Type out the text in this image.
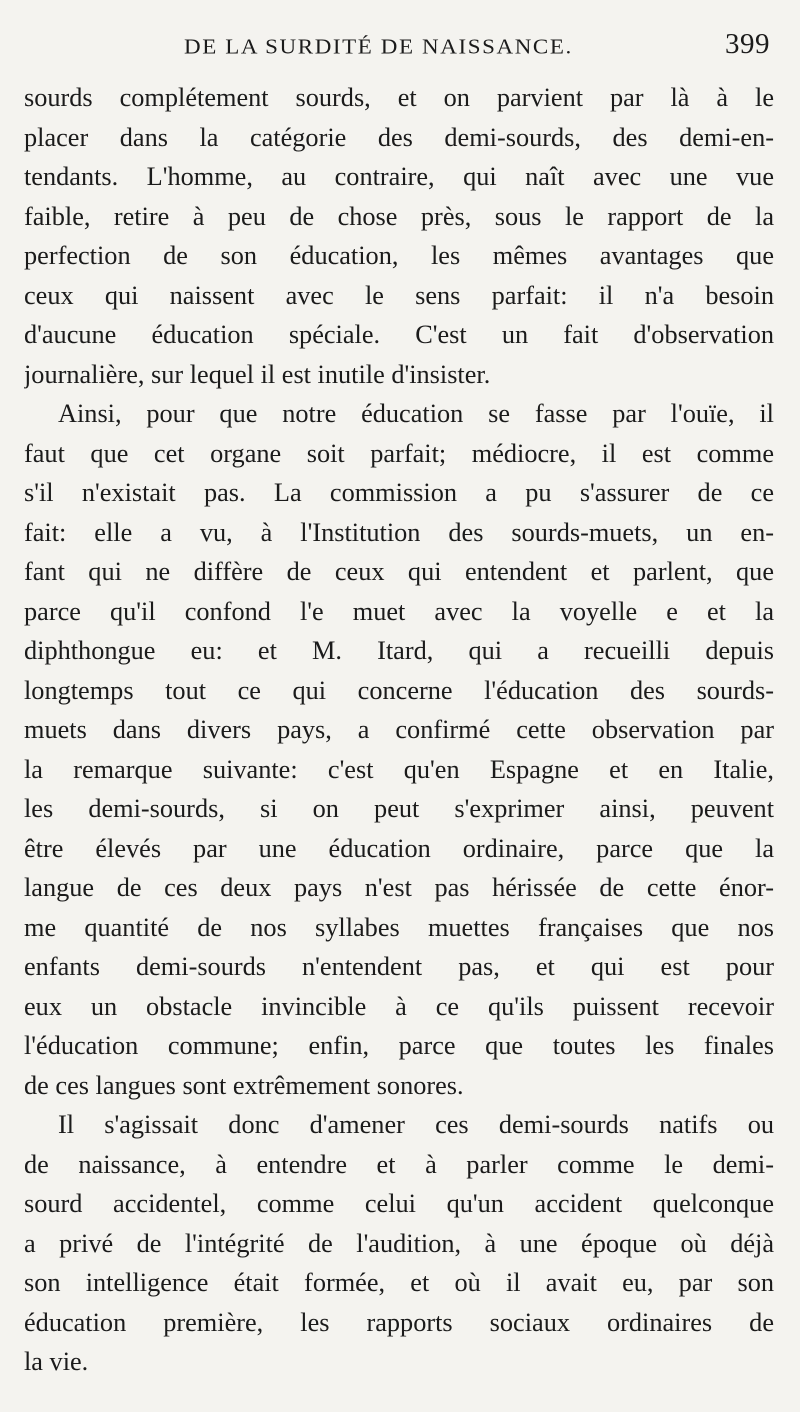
DE LA SURDITÉ DE NAISSANCE.	399
sourds complétement sourds, et on parvient par là à le
placer dans la catégorie des demi-sourds, des demi-en-
tendants. L'homme, au contraire, qui naît avec une vue
faible, retire à peu de chose près, sous le rapport de la
perfection de son éducation, les mêmes avantages que
ceux qui naissent avec le sens parfait: il n'a besoin
d'aucune éducation spéciale. C'est un fait d'observation
journalière, sur lequel il est inutile d'insister.
Ainsi, pour que notre éducation se fasse par l'ouïe, il
faut que cet organe soit parfait; médiocre, il est comme
s'il n'existait pas. La commission a pu s'assurer de ce
fait: elle a vu, à l'Institution des sourds-muets, un en-
fant qui ne diffère de ceux qui entendent et parlent, que
parce qu'il confond l'e muet avec la voyelle e et la
diphthongue eu: et M. Itard, qui a recueilli depuis
longtemps tout ce qui concerne l'éducation des sourds-
muets dans divers pays, a confirmé cette observation par
la remarque suivante: c'est qu'en Espagne et en Italie,
les demi-sourds, si on peut s'exprimer ainsi, peuvent
être élevés par une éducation ordinaire, parce que la
langue de ces deux pays n'est pas hérissée de cette énor-
me quantité de nos syllabes muettes françaises que nos
enfants demi-sourds n'entendent pas, et qui est pour
eux un obstacle invincible à ce qu'ils puissent recevoir
l'éducation commune; enfin, parce que toutes les finales
de ces langues sont extrêmement sonores.
Il s'agissait donc d'amener ces demi-sourds natifs ou
de naissance, à entendre et à parler comme le demi-
sourd accidentel, comme celui qu'un accident quelconque
a privé de l'intégrité de l'audition, à une époque où déjà
son intelligence était formée, et où il avait eu, par son
éducation première, les rapports sociaux ordinaires de
la vie.
